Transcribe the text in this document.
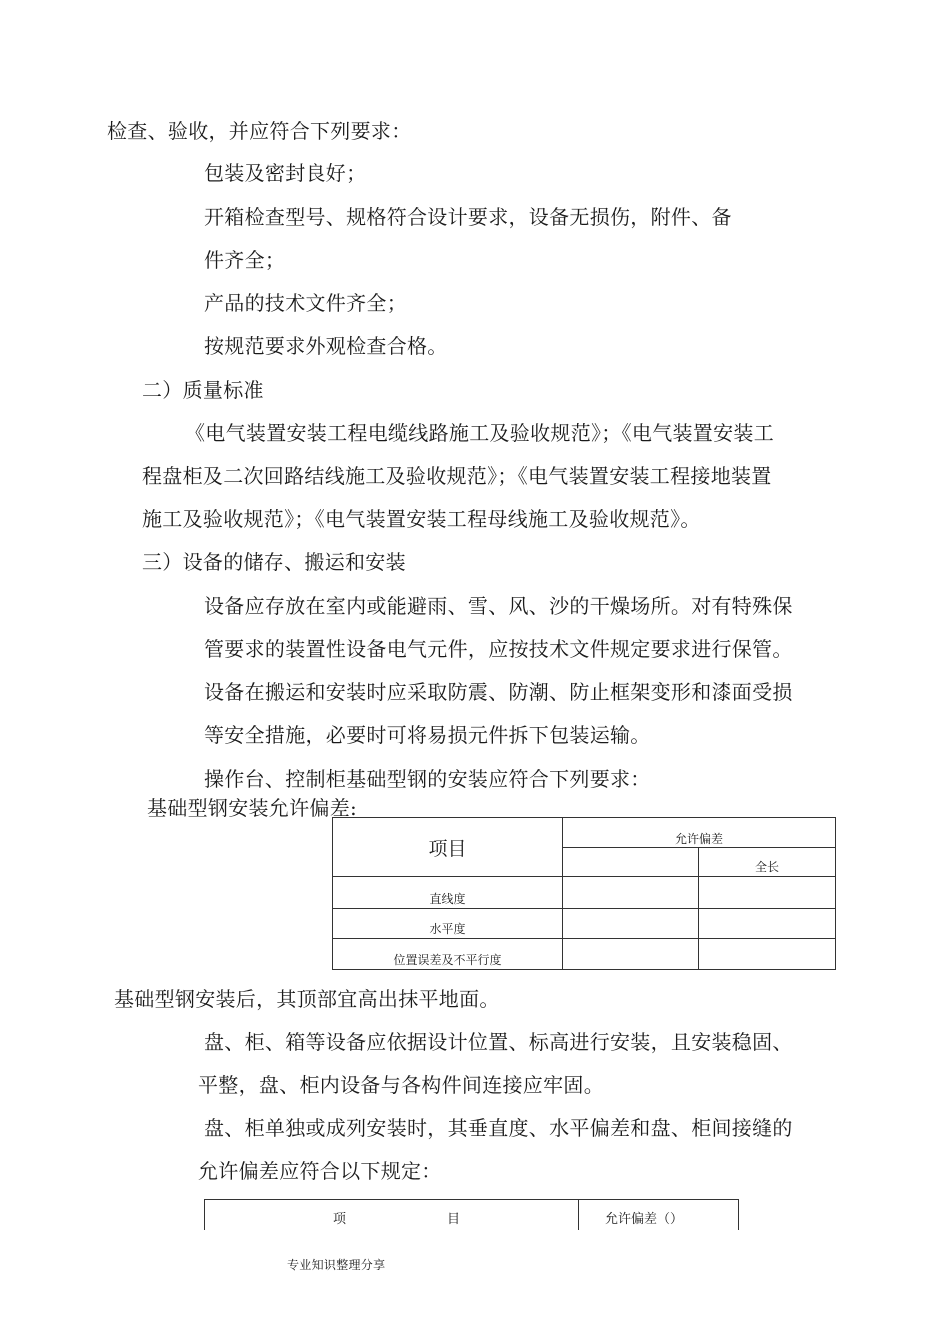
检查、验收，并应符合下列要求：
包装及密封良好；
开箱检查型号、规格符合设计要求，设备无损伤，附件、备
件齐全；
产品的技术文件齐全；
按规范要求外观检查合格。
二）质量标准
《电气装置安装工程电缆线路施工及验收规范》；《电气装置安装工
程盘柜及二次回路结线施工及验收规范》；《电气装置安装工程接地装置
施工及验收规范》；《电气装置安装工程母线施工及验收规范》。
三）设备的储存、搬运和安装
设备应存放在室内或能避雨、雪、风、沙的干燥场所。对有特殊保
管要求的装置性设备电气元件，应按技术文件规定要求进行保管。
设备在搬运和安装时应采取防震、防潮、防止框架变形和漆面受损
等安全措施，必要时可将易损元件拆下包装运输。
操作台、控制柜基础型钢的安装应符合下列要求：
基础型钢安装允许偏差:
项目	允许偏差	
		全长
直线度		
水平度		
位置误差及不平行度		
基础型钢安装后，其顶部宜高出抹平地面。
盘、柜、箱等设备应依据设计位置、标高进行安装，且安装稳固、
平整，盘、柜内设备与各构件间连接应牢固。
盘、柜单独或成列安装时，其垂直度、水平偏差和盘、柜间接缝的
允许偏差应符合以下规定：
项	目	允许偏差（）
专业知识整理分享
